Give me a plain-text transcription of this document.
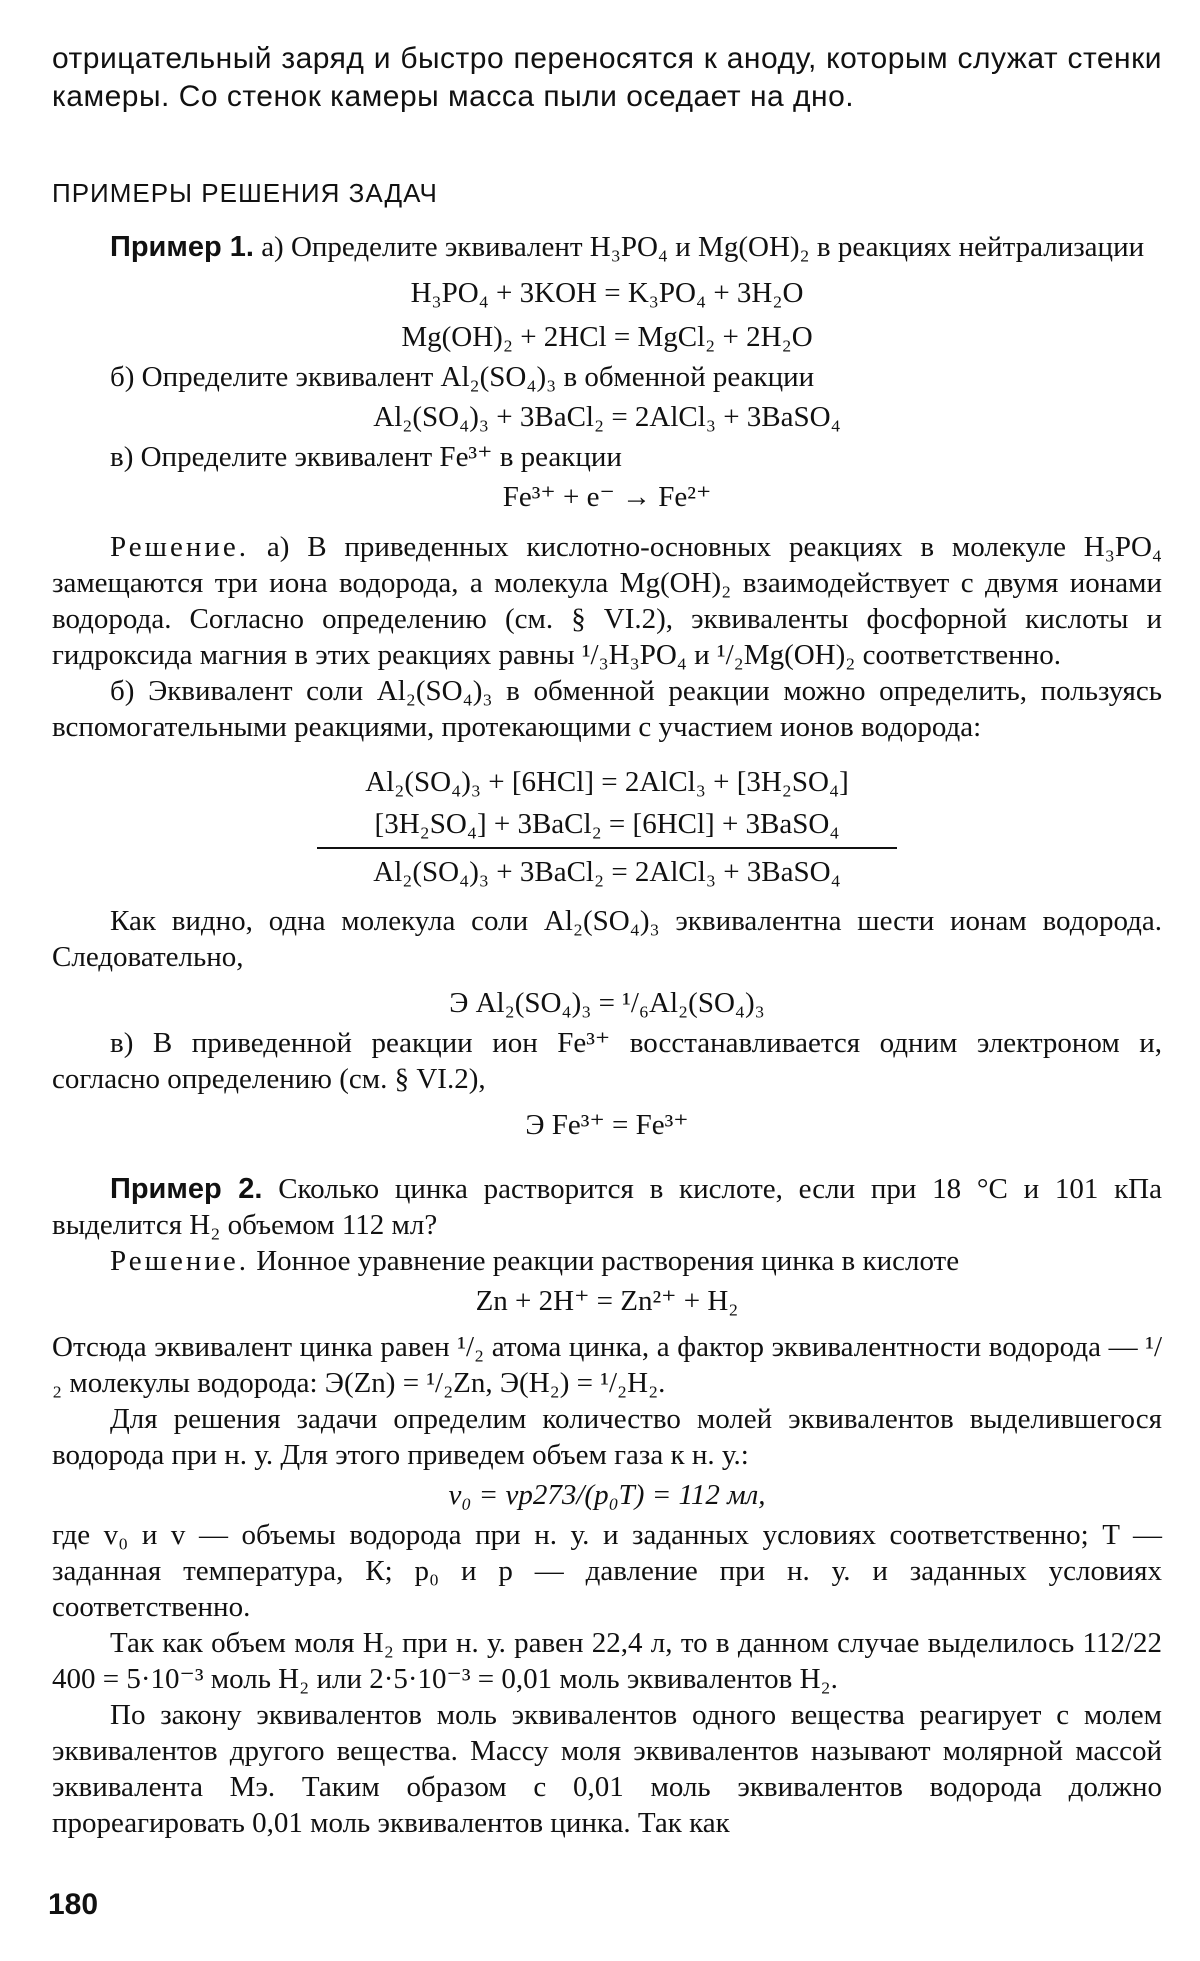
отрицательный заряд и быстро переносятся к аноду, которым служат стенки камеры. Со стенок камеры масса пыли оседает на дно.

ПРИМЕРЫ РЕШЕНИЯ ЗАДАЧ

Пример 1. а) Определите эквивалент H₃PO₄ и Mg(OH)₂ в реакциях нейтрализации

H₃PO₄ + 3KOH = K₃PO₄ + 3H₂O
Mg(OH)₂ + 2HCl = MgCl₂ + 2H₂O

б) Определите эквивалент Al₂(SO₄)₃ в обменной реакции

Al₂(SO₄)₃ + 3BaCl₂ = 2AlCl₃ + 3BaSO₄

в) Определите эквивалент Fe³⁺ в реакции

Fe³⁺ + e⁻ → Fe²⁺

Решение. а) В приведенных кислотно-основных реакциях в молекуле H₃PO₄ замещаются три иона водорода, а молекула Mg(OH)₂ взаимодействует с двумя ионами водорода. Согласно определению (см. § VI.2), эквиваленты фосфорной кислоты и гидроксида магния в этих реакциях равны ¹/₃H₃PO₄ и ¹/₂Mg(OH)₂ соответственно.

б) Эквивалент соли Al₂(SO₄)₃ в обменной реакции можно определить, пользуясь вспомогательными реакциями, протекающими с участием ионов водорода:

Al₂(SO₄)₃ + [6HCl] = 2AlCl₃ + [3H₂SO₄]
[3H₂SO₄] + 3BaCl₂ = [6HCl] + 3BaSO₄
Al₂(SO₄)₃ + 3BaCl₂ = 2AlCl₃ + 3BaSO₄

Как видно, одна молекула соли Al₂(SO₄)₃ эквивалентна шести ионам водорода. Следовательно,

Э Al₂(SO₄)₃ = ¹/₆Al₂(SO₄)₃

в) В приведенной реакции ион Fe³⁺ восстанавливается одним электроном и, согласно определению (см. § VI.2),

Э Fe³⁺ = Fe³⁺

Пример 2. Сколько цинка растворится в кислоте, если при 18 °С и 101 кПа выделится H₂ объемом 112 мл?

Решение. Ионное уравнение реакции растворения цинка в кислоте

Zn + 2H⁺ = Zn²⁺ + H₂

Отсюда эквивалент цинка равен ¹/₂ атома цинка, а фактор эквивалентности водорода — ¹/₂ молекулы водорода: Э(Zn) = ¹/₂Zn, Э(H₂) = ¹/₂H₂.

Для решения задачи определим количество молей эквивалентов выделившегося водорода при н. у. Для этого приведем объем газа к н. у.:

v₀ = vp273/(p₀T) = 112 мл,

где v₀ и v — объемы водорода при н. у. и заданных условиях соответственно; T — заданная температура, К; p₀ и p — давление при н. у. и заданных условиях соответственно.

Так как объем моля H₂ при н. у. равен 22,4 л, то в данном случае выделилось 112/22 400 = 5·10⁻³ моль H₂ или 2·5·10⁻³ = 0,01 моль эквивалентов H₂.

По закону эквивалентов моль эквивалентов одного вещества реагирует с молем эквивалентов другого вещества. Массу моля эквивалентов называют молярной массой эквивалента Mэ. Таким образом с 0,01 моль эквивалентов водорода должно прореагировать 0,01 моль эквивалентов цинка. Так как

180
